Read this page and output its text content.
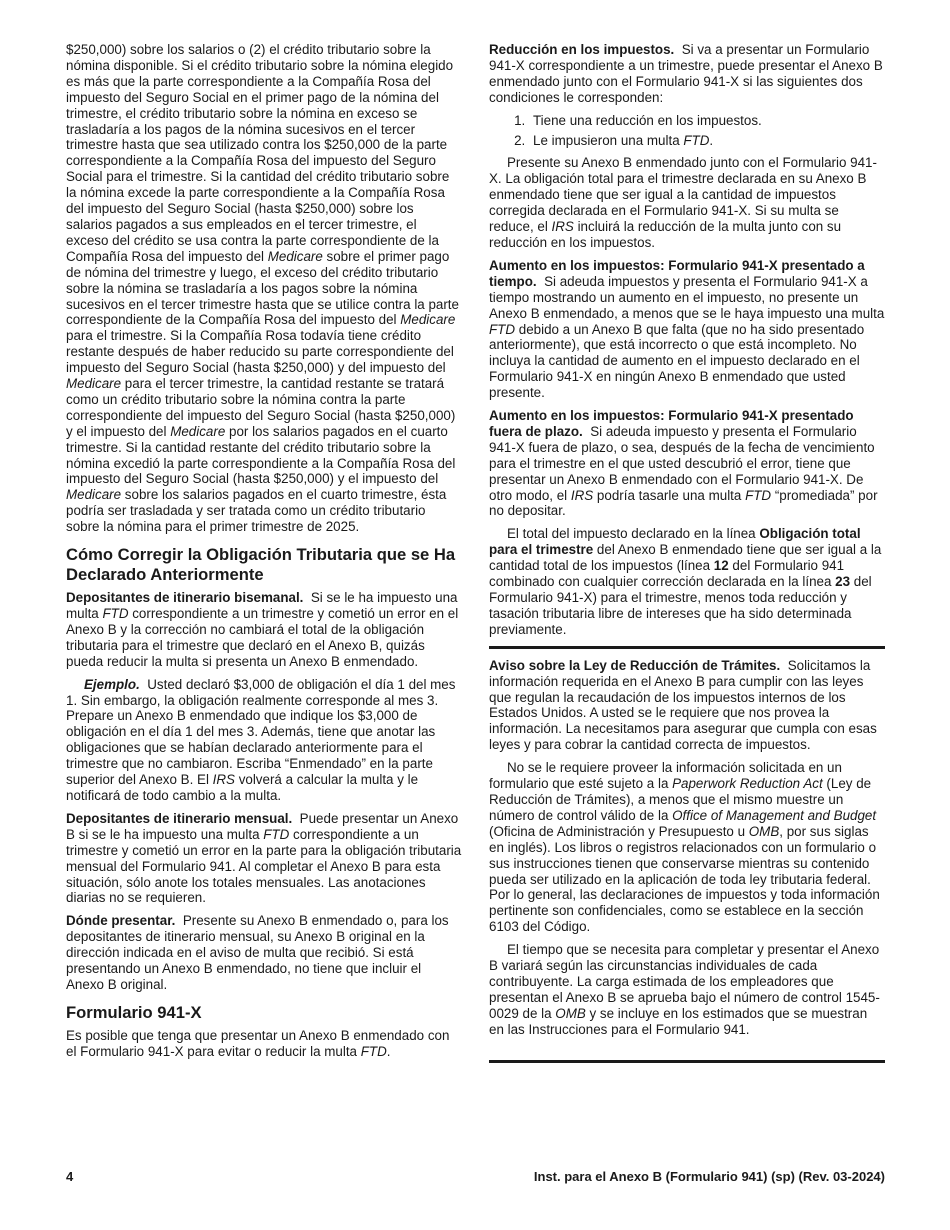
$250,000) sobre los salarios o (2) el crédito tributario sobre la nómina disponible. Si el crédito tributario sobre la nómina elegido es más que la parte correspondiente a la Compañía Rosa del impuesto del Seguro Social en el primer pago de la nómina del trimestre, el crédito tributario sobre la nómina en exceso se trasladaría a los pagos de la nómina sucesivos en el tercer trimestre hasta que sea utilizado contra los $250,000 de la parte correspondiente a la Compañía Rosa del impuesto del Seguro Social para el trimestre. Si la cantidad del crédito tributario sobre la nómina excede la parte correspondiente a la Compañía Rosa del impuesto del Seguro Social (hasta $250,000) sobre los salarios pagados a sus empleados en el tercer trimestre, el exceso del crédito se usa contra la parte correspondiente de la Compañía Rosa del impuesto del Medicare sobre el primer pago de nómina del trimestre y luego, el exceso del crédito tributario sobre la nómina se trasladaría a los pagos sobre la nómina sucesivos en el tercer trimestre hasta que se utilice contra la parte correspondiente de la Compañía Rosa del impuesto del Medicare para el trimestre. Si la Compañía Rosa todavía tiene crédito restante después de haber reducido su parte correspondiente del impuesto del Seguro Social (hasta $250,000) y del impuesto del Medicare para el tercer trimestre, la cantidad restante se tratará como un crédito tributario sobre la nómina contra la parte correspondiente del impuesto del Seguro Social (hasta $250,000) y el impuesto del Medicare por los salarios pagados en el cuarto trimestre. Si la cantidad restante del crédito tributario sobre la nómina excedió la parte correspondiente a la Compañía Rosa del impuesto del Seguro Social (hasta $250,000) y el impuesto del Medicare sobre los salarios pagados en el cuarto trimestre, ésta podría ser trasladada y ser tratada como un crédito tributario sobre la nómina para el primer trimestre de 2025.

Cómo Corregir la Obligación Tributaria que se Ha Declarado Anteriormente

Depositantes de itinerario bisemanal. Si se le ha impuesto una multa FTD correspondiente a un trimestre y cometió un error en el Anexo B y la corrección no cambiará el total de la obligación tributaria para el trimestre que declaró en el Anexo B, quizás pueda reducir la multa si presenta un Anexo B enmendado.

Ejemplo. Usted declaró $3,000 de obligación el día 1 del mes 1. Sin embargo, la obligación realmente corresponde al mes 3. Prepare un Anexo B enmendado que indique los $3,000 de obligación en el día 1 del mes 3. Además, tiene que anotar las obligaciones que se habían declarado anteriormente para el trimestre que no cambiaron. Escriba “Enmendado” en la parte superior del Anexo B. El IRS volverá a calcular la multa y le notificará de todo cambio a la multa.

Depositantes de itinerario mensual. Puede presentar un Anexo B si se le ha impuesto una multa FTD correspondiente a un trimestre y cometió un error en la parte para la obligación tributaria mensual del Formulario 941. Al completar el Anexo B para esta situación, sólo anote los totales mensuales. Las anotaciones diarias no se requieren.

Dónde presentar. Presente su Anexo B enmendado o, para los depositantes de itinerario mensual, su Anexo B original en la dirección indicada en el aviso de multa que recibió. Si está presentando un Anexo B enmendado, no tiene que incluir el Anexo B original.

Formulario 941-X

Es posible que tenga que presentar un Anexo B enmendado con el Formulario 941-X para evitar o reducir la multa FTD.

Reducción en los impuestos. Si va a presentar un Formulario 941-X correspondiente a un trimestre, puede presentar el Anexo B enmendado junto con el Formulario 941-X si las siguientes dos condiciones le corresponden:

1. Tiene una reducción en los impuestos.
2. Le impusieron una multa FTD.

Presente su Anexo B enmendado junto con el Formulario 941-X. La obligación total para el trimestre declarada en su Anexo B enmendado tiene que ser igual a la cantidad de impuestos corregida declarada en el Formulario 941-X. Si su multa se reduce, el IRS incluirá la reducción de la multa junto con su reducción en los impuestos.

Aumento en los impuestos: Formulario 941-X presentado a tiempo. Si adeuda impuestos y presenta el Formulario 941-X a tiempo mostrando un aumento en el impuesto, no presente un Anexo B enmendado, a menos que se le haya impuesto una multa FTD debido a un Anexo B que falta (que no ha sido presentado anteriormente), que está incorrecto o que está incompleto. No incluya la cantidad de aumento en el impuesto declarado en el Formulario 941-X en ningún Anexo B enmendado que usted presente.

Aumento en los impuestos: Formulario 941-X presentado fuera de plazo. Si adeuda impuesto y presenta el Formulario 941-X fuera de plazo, o sea, después de la fecha de vencimiento para el trimestre en el que usted descubrió el error, tiene que presentar un Anexo B enmendado con el Formulario 941-X. De otro modo, el IRS podría tasarle una multa FTD “promediada” por no depositar.

El total del impuesto declarado en la línea Obligación total para el trimestre del Anexo B enmendado tiene que ser igual a la cantidad total de los impuestos (línea 12 del Formulario 941 combinado con cualquier corrección declarada en la línea 23 del Formulario 941-X) para el trimestre, menos toda reducción y tasación tributaria libre de intereses que ha sido determinada previamente.

Aviso sobre la Ley de Reducción de Trámites. Solicitamos la información requerida en el Anexo B para cumplir con las leyes que regulan la recaudación de los impuestos internos de los Estados Unidos. A usted se le requiere que nos provea la información. La necesitamos para asegurar que cumpla con esas leyes y para cobrar la cantidad correcta de impuestos.

No se le requiere proveer la información solicitada en un formulario que esté sujeto a la Paperwork Reduction Act (Ley de Reducción de Trámites), a menos que el mismo muestre un número de control válido de la Office of Management and Budget (Oficina de Administración y Presupuesto u OMB, por sus siglas en inglés). Los libros o registros relacionados con un formulario o sus instrucciones tienen que conservarse mientras su contenido pueda ser utilizado en la aplicación de toda ley tributaria federal. Por lo general, las declaraciones de impuestos y toda información pertinente son confidenciales, como se establece en la sección 6103 del Código.

El tiempo que se necesita para completar y presentar el Anexo B variará según las circunstancias individuales de cada contribuyente. La carga estimada de los empleadores que presentan el Anexo B se aprueba bajo el número de control 1545-0029 de la OMB y se incluye en los estimados que se muestran en las Instrucciones para el Formulario 941.

4	Inst. para el Anexo B (Formulario 941) (sp) (Rev. 03-2024)
